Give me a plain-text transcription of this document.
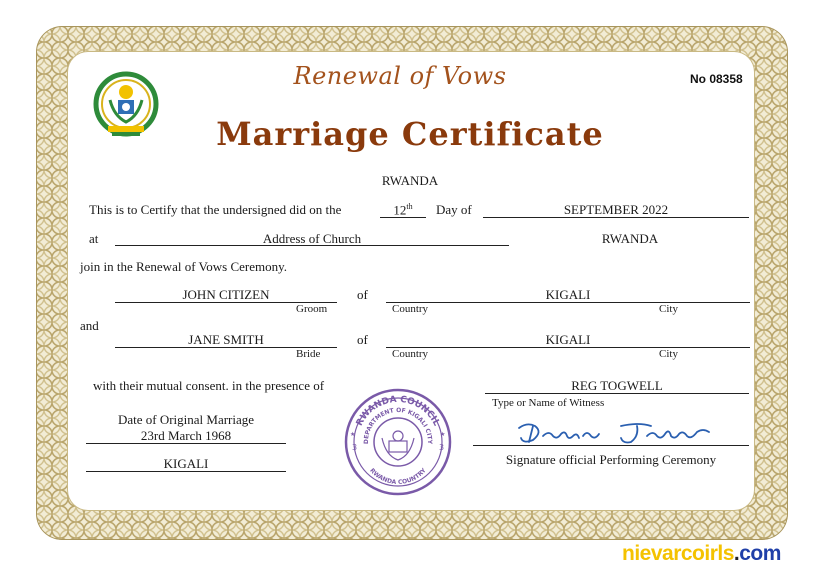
Renewal of Vows
Marriage Certificate
No 08358
RWANDA
This is to Certify that the undersigned did on the	12th	Day of	SEPTEMBER 2022
at	Address of Church	RWANDA
join in the Renewal of Vows Ceremony.
JOHN CITIZEN
Groom
of	KIGALI
Country	City
and
JANE SMITH
Bride
of	KIGALI
Country	City
with their mutual consent. in the presence of	REG TOGWELL
Type or Name of Witness
Date of Original Marriage
23rd March 1968
KIGALI
RWANDA COUNCIL
DEPARTMENT OF KIGALI CITY
RWANDA COUNTRY
3	3
★	★
Signature official Performing Ceremony
nievarcoirls.com
